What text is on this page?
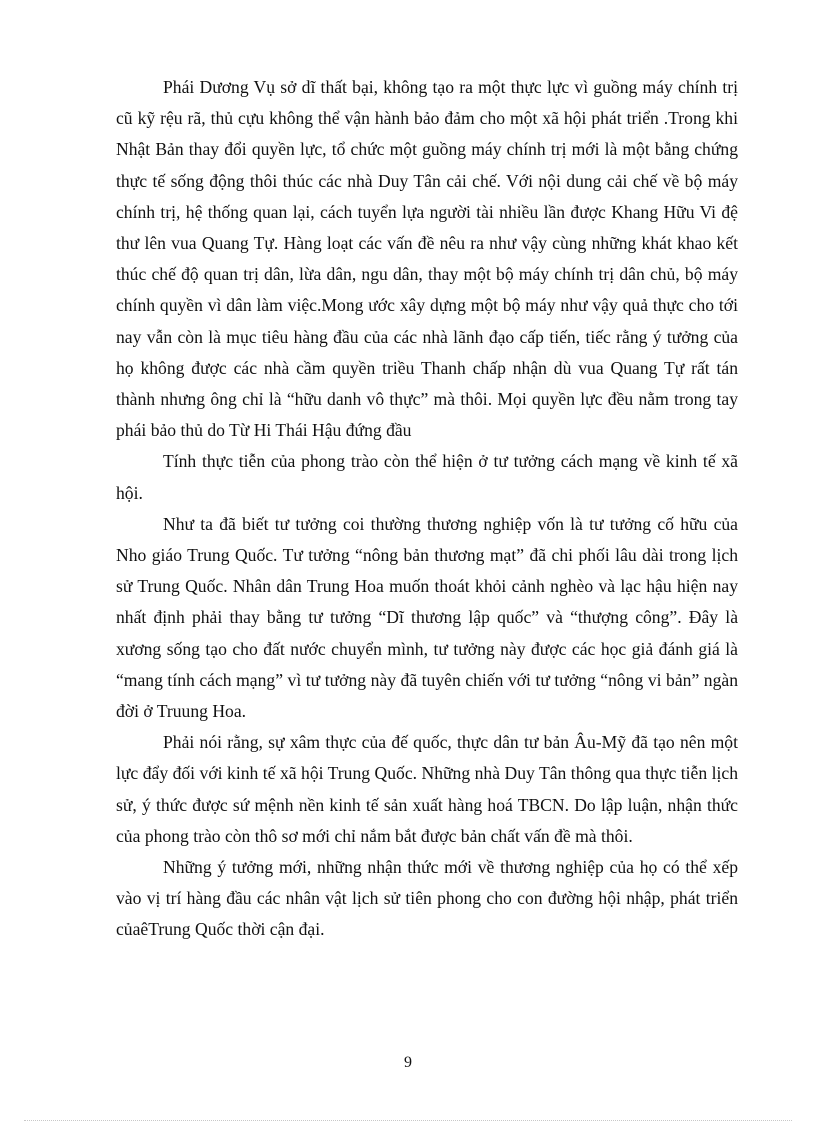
Phái Dương Vụ sở dĩ thất bại, không tạo ra một thực lực vì guồng máy chính trị cũ kỹ rệu rã, thủ cựu không thể vận hành bảo đảm cho một xã hội phát triển .Trong khi Nhật Bản thay đổi quyền lực, tổ chức một guồng máy chính trị mới là một bằng chứng thực tế sống động thôi thúc các nhà Duy Tân cải chế. Với nội dung cải chế về bộ máy chính trị, hệ thống quan lại, cách tuyển lựa người tài nhiều lần được Khang Hữu Vi đệ thư lên vua Quang Tự. Hàng loạt các vấn đề nêu ra như vậy cùng những khát khao kết thúc chế độ quan trị dân, lừa dân, ngu dân, thay một bộ máy chính trị dân chủ, bộ máy chính quyền vì dân làm việc.Mong ước xây dựng một bộ máy như vậy quả thực cho tới nay vẫn còn là mục tiêu hàng đầu của các nhà lãnh đạo cấp tiến, tiếc rằng ý tưởng của họ không được các nhà cầm quyền triều Thanh chấp nhận dù vua Quang Tự rất tán thành nhưng ông chỉ là “hữu danh vô thực” mà thôi. Mọi quyền lực đều nằm trong tay phái bảo thủ do Từ Hi Thái Hậu đứng đầu

Tính thực tiễn của phong trào còn thể hiện ở tư tưởng cách mạng về kinh tế xã hội.

Như ta đã biết tư tưởng coi thường thương nghiệp vốn là tư tưởng cố hữu của Nho giáo Trung Quốc. Tư tưởng “nông bản thương mạt” đã chi phối lâu dài trong lịch sử Trung Quốc. Nhân dân Trung Hoa muốn thoát khỏi cảnh nghèo và lạc hậu hiện nay nhất định phải thay bằng tư tưởng “Dĩ thương lập quốc” và “thượng công”. Đây là xương sống tạo cho đất nước chuyển mình, tư tưởng này được các học giả đánh giá là “mang tính cách mạng” vì tư tưởng này đã tuyên chiến với tư tưởng “nông vi bản” ngàn đời ở Truung Hoa.

Phải nói rằng, sự xâm thực của đế quốc, thực dân tư bản Âu-Mỹ đã tạo nên một lực đẩy đối với kinh tế xã hội Trung Quốc. Những nhà Duy Tân thông qua thực tiễn lịch sử, ý thức được sứ mệnh nền kinh tế sản xuất hàng hoá TBCN. Do lập luận, nhận thức của phong trào còn thô sơ mới chỉ nắm bắt được bản chất vấn đề mà thôi.

Những ý tưởng mới, những nhận thức mới về thương nghiệp của họ có thể xếp vào vị trí hàng đầu các nhân vật lịch sử tiên phong cho con đường hội nhập, phát triển củaêTrung Quốc thời cận đại.

9
